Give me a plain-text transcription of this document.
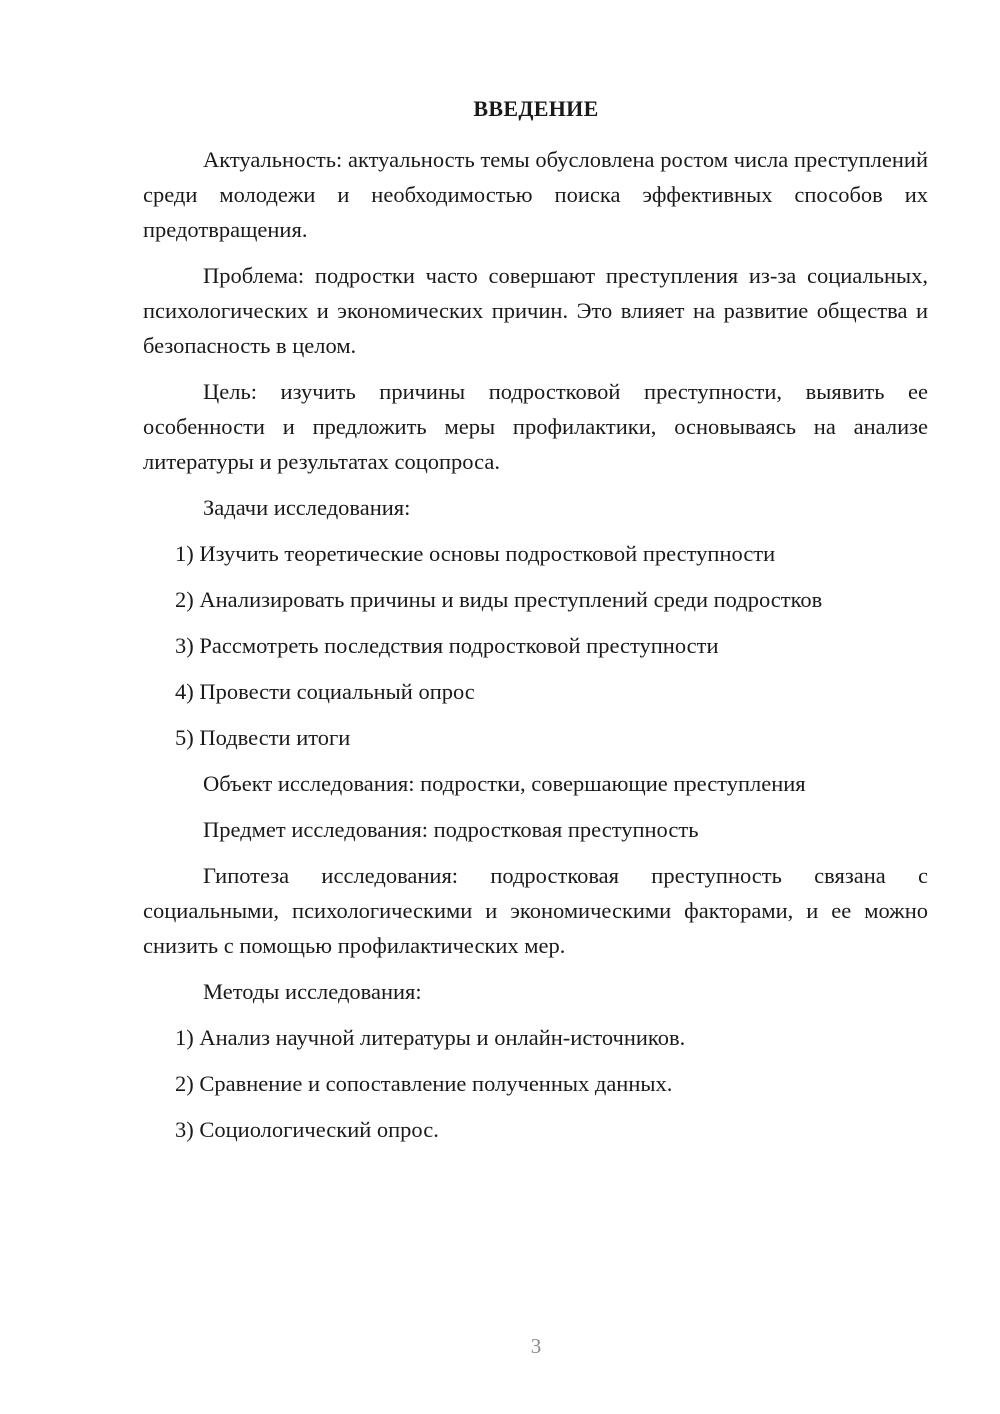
ВВЕДЕНИЕ

Актуальность: актуальность темы обусловлена ростом числа преступлений среди молодежи и необходимостью поиска эффективных способов их предотвращения.

Проблема: подростки часто совершают преступления из-за социальных, психологических и экономических причин. Это влияет на развитие общества и безопасность в целом.

Цель: изучить причины подростковой преступности, выявить ее особенности и предложить меры профилактики, основываясь на анализе литературы и результатах соцопроса.

Задачи исследования:

1) Изучить теоретические основы подростковой преступности

2) Анализировать причины и виды преступлений среди подростков

3) Рассмотреть последствия подростковой преступности

4) Провести социальный опрос

5) Подвести итоги

Объект исследования: подростки, совершающие преступления

Предмет исследования: подростковая преступность

Гипотеза исследования: подростковая преступность связана с социальными, психологическими и экономическими факторами, и ее можно снизить с помощью профилактических мер.

Методы исследования:

1) Анализ научной литературы и онлайн-источников.

2) Сравнение и сопоставление полученных данных.

3) Социологический опрос.

3
